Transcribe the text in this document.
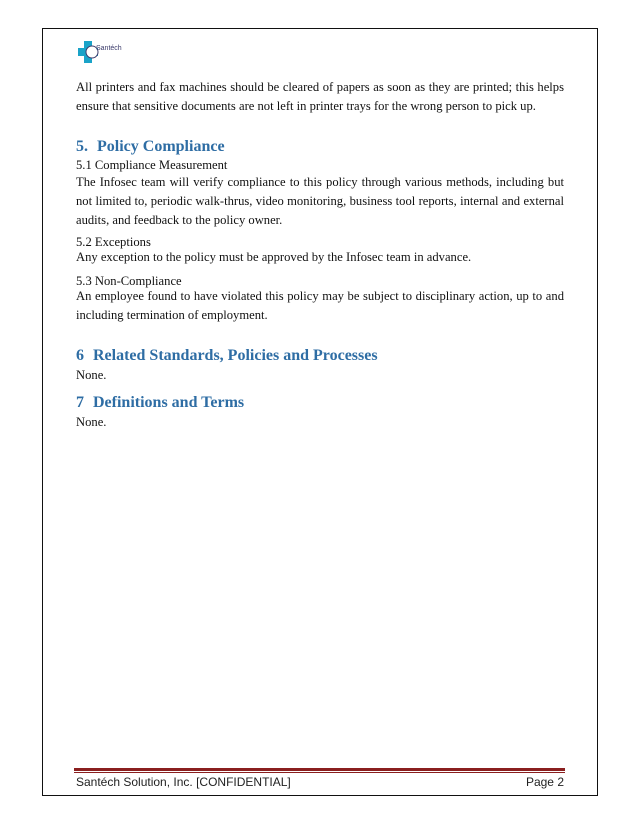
Santéch
All printers and fax machines should be cleared of papers as soon as they are printed; this helps ensure that sensitive documents are not left in printer trays for the wrong person to pick up.
5. Policy Compliance
5.1 Compliance Measurement
The Infosec team will verify compliance to this policy through various methods, including but not limited to, periodic walk-thrus, video monitoring, business tool reports, internal and external audits, and feedback to the policy owner.
5.2 Exceptions
Any exception to the policy must be approved by the Infosec team in advance.
5.3 Non-Compliance
An employee found to have violated this policy may be subject to disciplinary action, up to and including termination of employment.
6 Related Standards, Policies and Processes
None.
7 Definitions and Terms
None.
Santéch Solution, Inc. [CONFIDENTIAL]	Page 2
